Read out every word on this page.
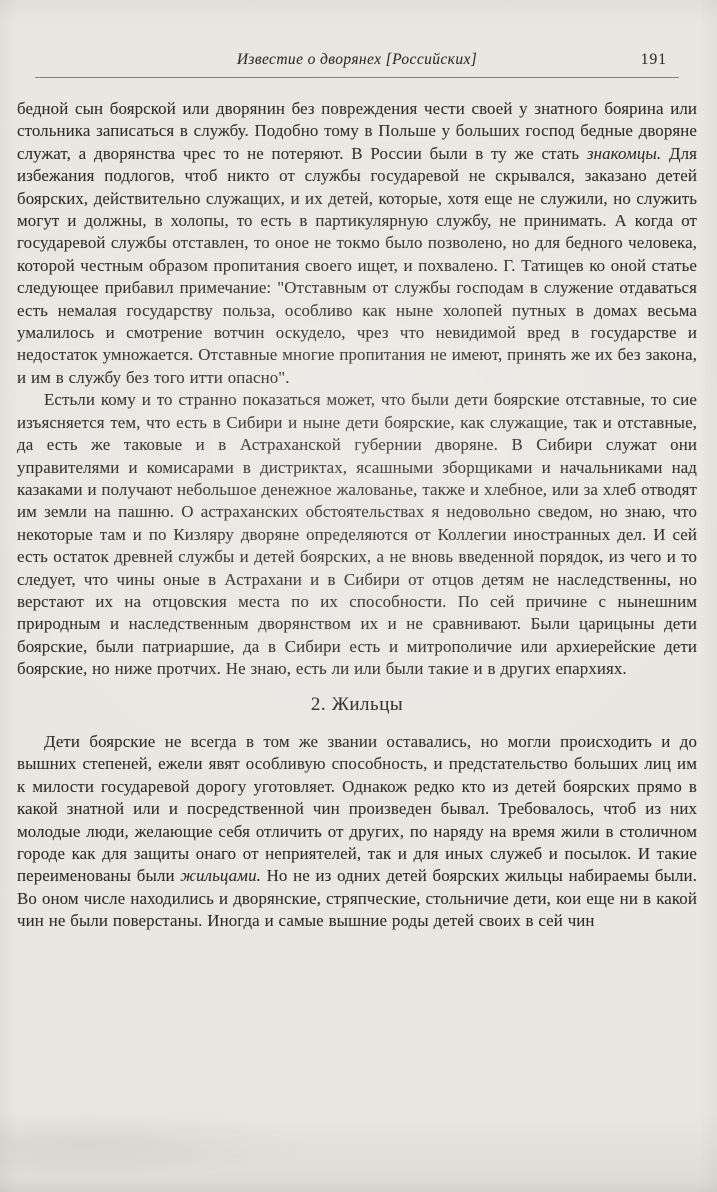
Известие о дворянех [Российских]	191

бедной сын боярской или дворянин без повреждения чести своей у знатного боярина или стольника записаться в службу. Подобно тому в Польше у больших господ бедные дворяне служат, а дворянства чрес то не потеряют. В России были в ту же стать знакомцы. Для избежания подлогов, чтоб никто от службы государевой не скрывался, заказано детей боярских, действительно служащих, и их детей, которые, хотя еще не служили, но служить могут и должны, в холопы, то есть в партикулярную службу, не принимать. А когда от государевой службы отставлен, то оное не токмо было позволено, но для бедного человека, которой честным образом пропитания своего ищет, и похвалено. Г. Татищев ко оной статье следующее прибавил примечание: "Отставным от службы господам в служение отдаваться есть немалая государству польза, особливо как ныне холопей путных в домах весьма умалилось и смотрение вотчин оскудело, чрез что невидимой вред в государстве и недостаток умножается. Отставные многие пропитания не имеют, принять же их без закона, и им в службу без того итти опасно".

Естьли кому и то странно показаться может, что были дети боярские отставные, то сие изъясняется тем, что есть в Сибири и ныне дети боярские, как служащие, так и отставные, да есть же таковые и в Астраханской губернии дворяне. В Сибири служат они управителями и комисарами в дистриктах, ясашными зборщиками и начальниками над казаками и получают небольшое денежное жалованье, также и хлебное, или за хлеб отводят им земли на пашню. О астраханских обстоятельствах я недовольно сведом, но знаю, что некоторые там и по Кизляру дворяне определяются от Коллегии иностранных дел. И сей есть остаток древней службы и детей боярских, а не вновь введенной порядок, из чего и то следует, что чины оные в Астрахани и в Сибири от отцов детям не наследственны, но верстают их на отцовския места по их способности. По сей причине с нынешним природным и наследственным дворянством их и не сравнивают. Были царицыны дети боярские, были патриаршие, да в Сибири есть и митрополичие или архиерейские дети боярские, но ниже протчих. Не знаю, есть ли или были такие и в других епархиях.

2. Жильцы

Дети боярские не всегда в том же звании оставались, но могли происходить и до вышних степеней, ежели явят особливую способность, и предстательство больших лиц им к милости государевой дорогу уготовляет. Однакож редко кто из детей боярских прямо в какой знатной или и посредственной чин произведен бывал. Требовалось, чтоб из них молодые люди, желающие себя отличить от других, по наряду на время жили в столичном городе как для защиты онаго от неприятелей, так и для иных служеб и посылок. И такие переименованы были жильцами. Но не из одних детей боярских жильцы набираемы были. Во оном числе находились и дворянские, стряпческие, стольничие дети, кои еще ни в какой чин не были поверстаны. Иногда и самые вышние роды детей своих в сей чин
